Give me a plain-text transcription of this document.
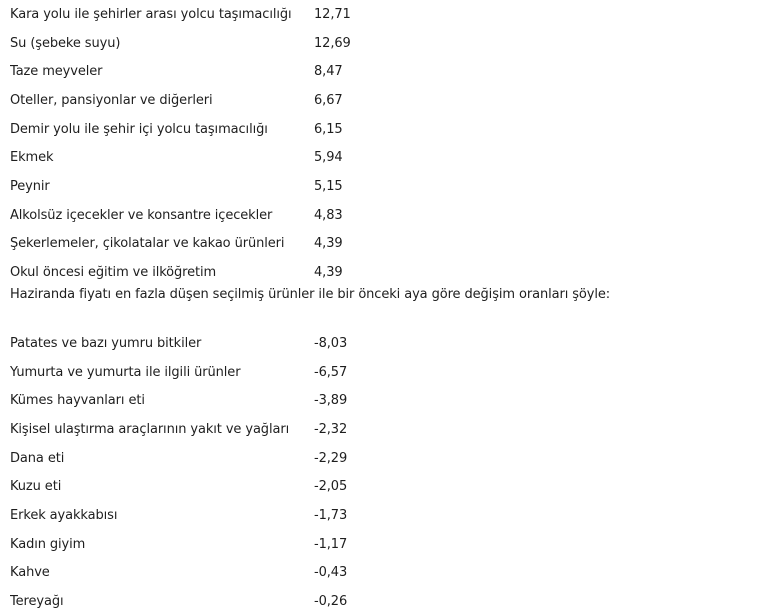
Kara yolu ile şehirler arası yolcu taşımacılığı	12,71
Su (şebeke suyu)	12,69
Taze meyveler	8,47
Oteller, pansiyonlar ve diğerleri	6,67
Demir yolu ile şehir içi yolcu taşımacılığı	6,15
Ekmek	5,94
Peynir	5,15
Alkolsüz içecekler ve konsantre içecekler	4,83
Şekerlemeler, çikolatalar ve kakao ürünleri	4,39
Okul öncesi eğitim ve ilköğretim	4,39
Haziranda fiyatı en fazla düşen seçilmiş ürünler ile bir önceki aya göre değişim oranları şöyle:
Patates ve bazı yumru bitkiler	-8,03
Yumurta ve yumurta ile ilgili ürünler	-6,57
Kümes hayvanları eti	-3,89
Kişisel ulaştırma araçlarının yakıt ve yağları	-2,32
Dana eti	-2,29
Kuzu eti	-2,05
Erkek ayakkabısı	-1,73
Kadın giyim	-1,17
Kahve	-0,43
Tereyağı	-0,26
